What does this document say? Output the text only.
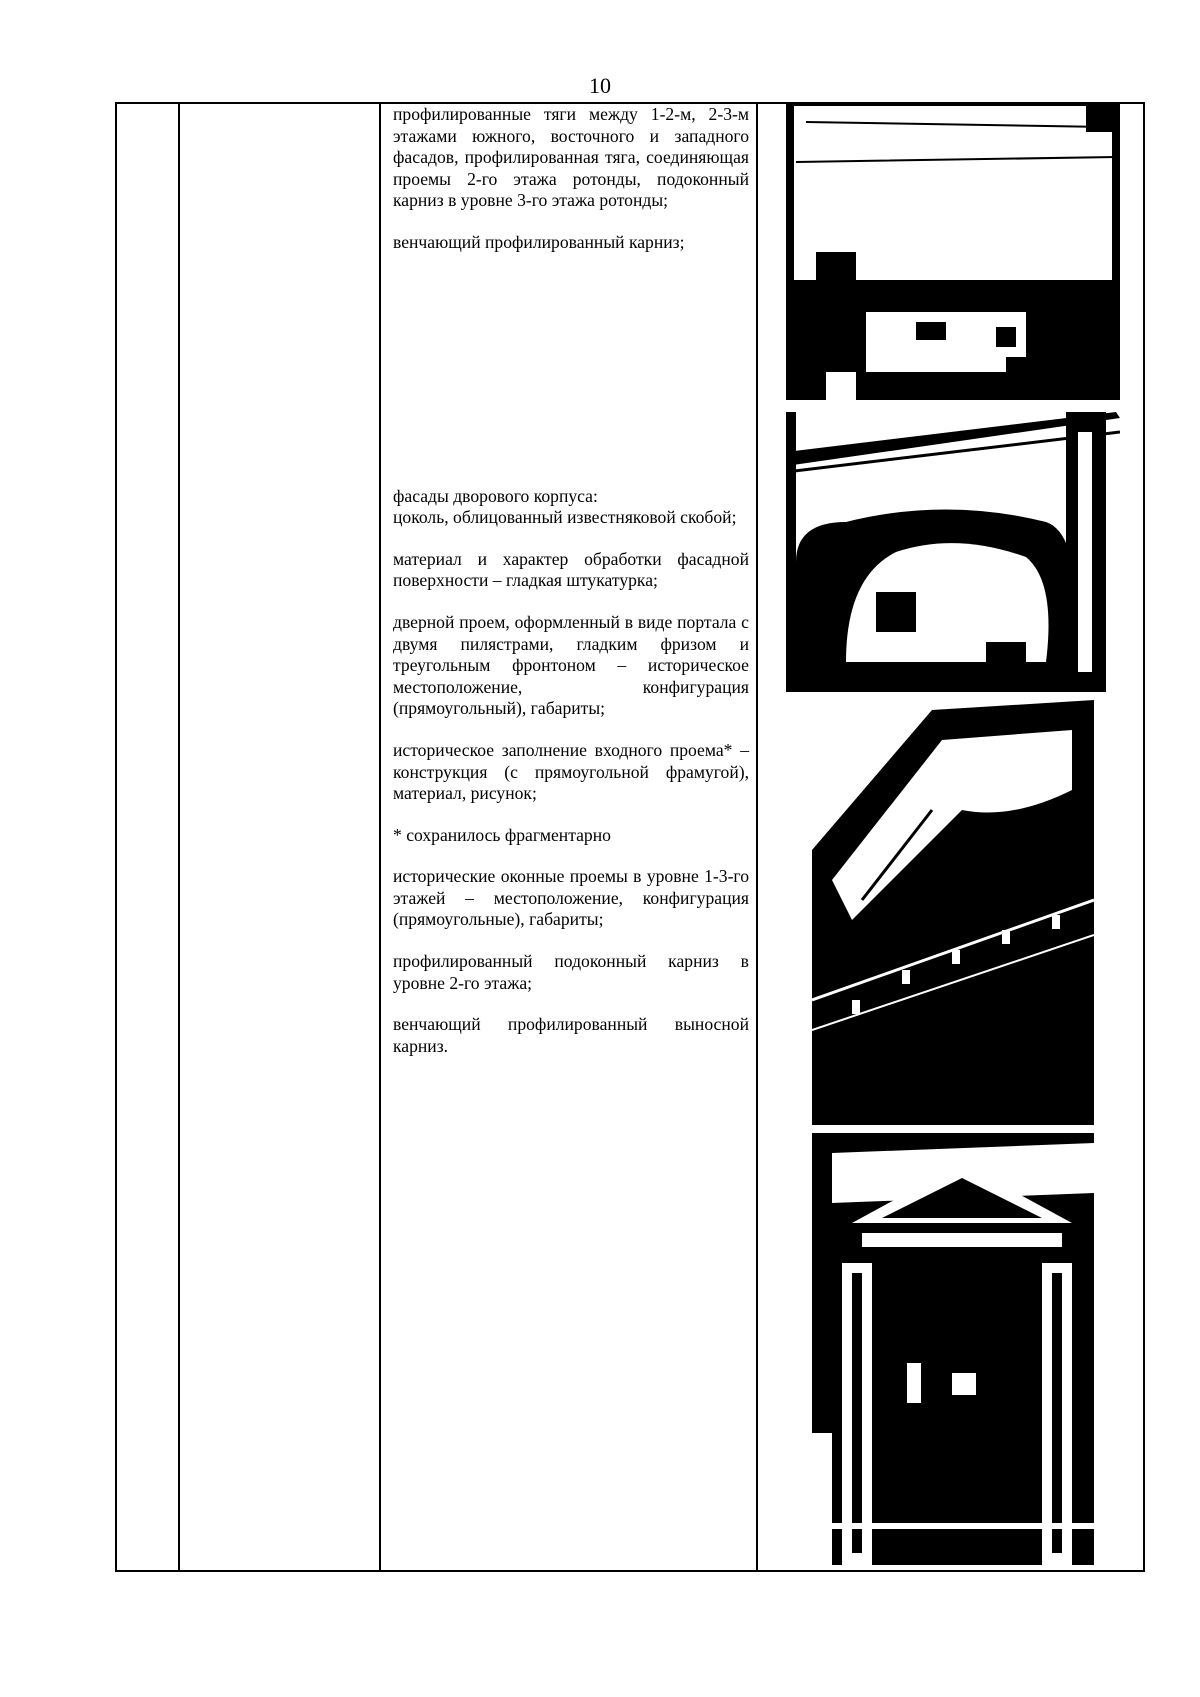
10

профилированные тяги между 1-2-м, 2-3-м этажами южного, восточного и западного фасадов, профилированная тяга, соединяющая проемы 2-го этажа ротонды, подоконный карниз в уровне 3-го этажа ротонды;

венчающий профилированный карниз;

фасады дворового корпуса:

цоколь, облицованный известняковой скобой;

материал и характер обработки фасадной поверхности – гладкая штукатурка;

дверной проем, оформленный в виде портала с двумя пилястрами, гладким фризом и треугольным фронтоном – историческое местоположение, конфигурация (прямоугольный), габариты;

историческое заполнение входного проема* – конструкция (с прямоугольной фрамугой), материал, рисунок;

* сохранилось фрагментарно

исторические оконные проемы в уровне 1-3-го этажей – местоположение, конфигурация (прямоугольные), габариты;

профилированный подоконный карниз в уровне 2-го этажа;

венчающий профилированный выносной карниз.
